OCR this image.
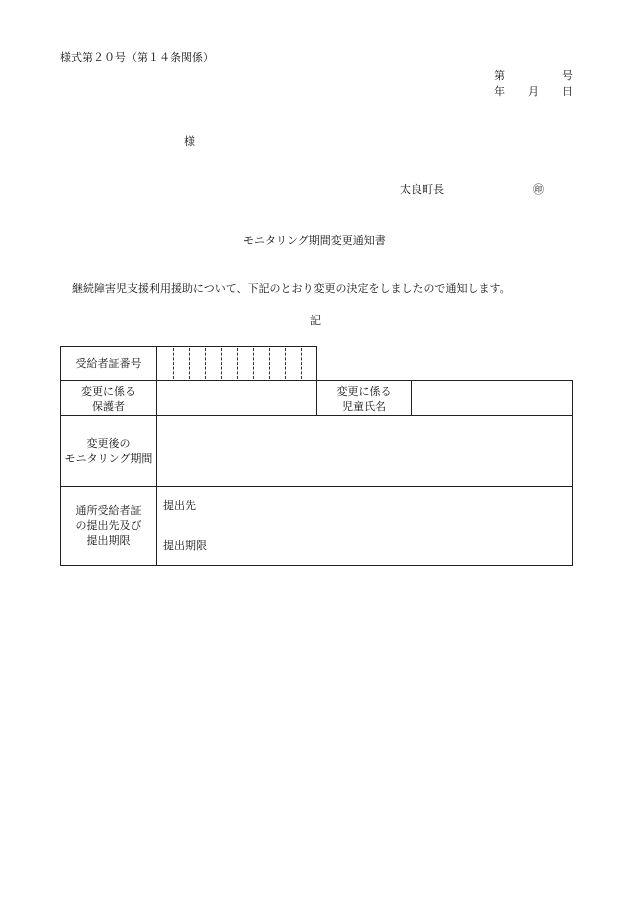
様式第２０号（第１４条関係）
第	号
年 月 日
様
太良町長	㊞
モニタリング期間変更通知書
継続障害児支援利用援助について、下記のとおり変更の決定をしましたので通知します。
記
受給者証番号
変更に係る
保護者
変更に係る
児童氏名
変更後の
モニタリング期間
通所受給者証
の提出先及び
提出期限
提出先
提出期限
